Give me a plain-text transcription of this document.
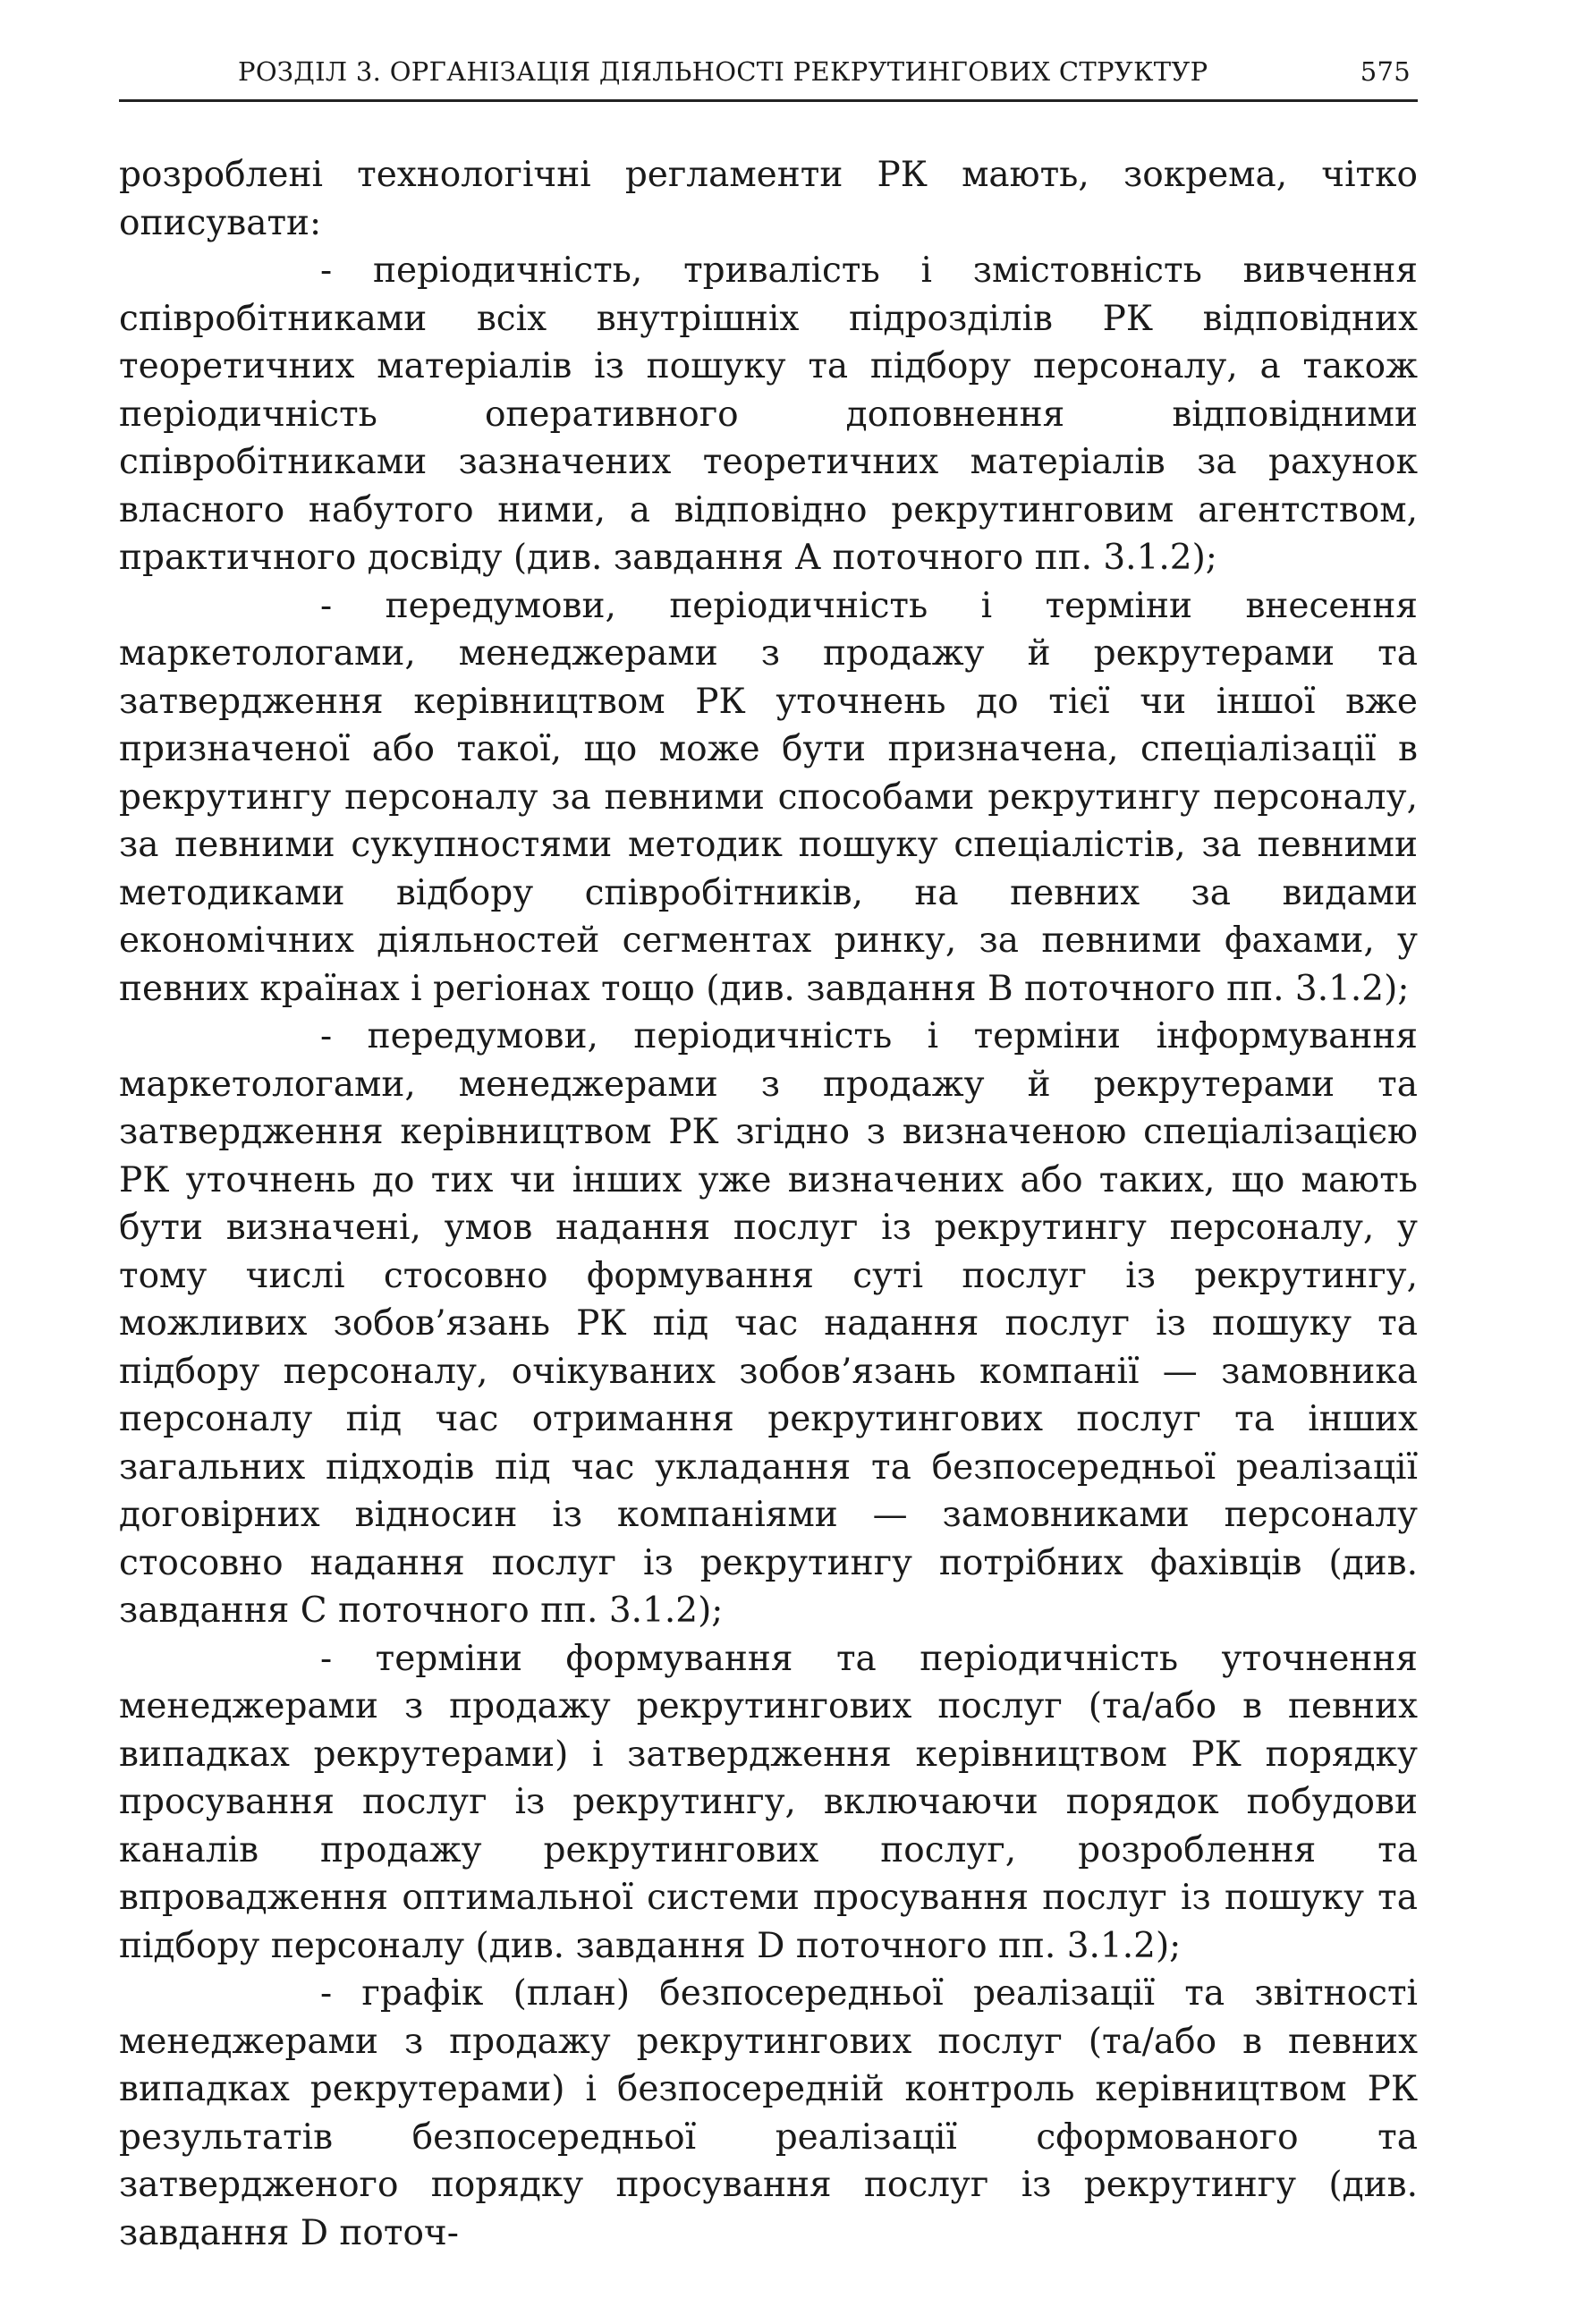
РОЗДІЛ 3. ОРГАНІЗАЦІЯ ДІЯЛЬНОСТІ РЕКРУТИНГОВИХ СТРУКТУР	575

розроблені технологічні регламенти РК мають, зокрема, чітко описувати:

- періодичність, тривалість і змістовність вивчення співробітниками всіх внутрішніх підрозділів РК відповідних теоретичних матеріалів із пошуку та підбору персоналу, а також періодичність оперативного доповнення відповідними співробітниками зазначених теоретичних матеріалів за рахунок власного набутого ними, а відповідно рекрутинговим агентством, практичного досвіду (див. завдання А поточного пп. 3.1.2);

- передумови, періодичність і терміни внесення маркетологами, менеджерами з продажу й рекрутерами та затвердження керівництвом РК уточнень до тієї чи іншої вже призначеної або такої, що може бути призначена, спеціалізації в рекрутингу персоналу за певними способами рекрутингу персоналу, за певними сукупностями методик пошуку спеціалістів, за певними методиками відбору співробітників, на певних за видами економічних діяльностей сегментах ринку, за певними фахами, у певних країнах і регіонах тощо (див. завдання В поточного пп. 3.1.2);

- передумови, періодичність і терміни інформування маркетологами, менеджерами з продажу й рекрутерами та затвердження керівництвом РК згідно з визначеною спеціалізацією РК уточнень до тих чи інших уже визначених або таких, що мають бути визначені, умов надання послуг із рекрутингу персоналу, у тому числі стосовно формування суті послуг із рекрутингу, можливих зобов’язань РК під час надання послуг із пошуку та підбору персоналу, очікуваних зобов’язань компанії — замовника персоналу під час отримання рекрутингових послуг та інших загальних підходів під час укладання та безпосередньої реалізації договірних відносин із компаніями — замовниками персоналу стосовно надання послуг із рекрутингу потрібних фахівців (див. завдання С поточного пп. 3.1.2);

- терміни формування та періодичність уточнення менеджерами з продажу рекрутингових послуг (та/або в певних випадках рекрутерами) і затвердження керівництвом РК порядку просування послуг із рекрутингу, включаючи порядок побудови каналів продажу рекрутингових послуг, розроблення та впровадження оптимальної системи просування послуг із пошуку та підбору персоналу (див. завдання D поточного пп. 3.1.2);

- графік (план) безпосередньої реалізації та звітності менеджерами з продажу рекрутингових послуг (та/або в певних випадках рекрутерами) і безпосередній контроль керівництвом РК результатів безпосередньої реалізації сформованого та затвердженого порядку просування послуг із рекрутингу (див. завдання D поточ-
